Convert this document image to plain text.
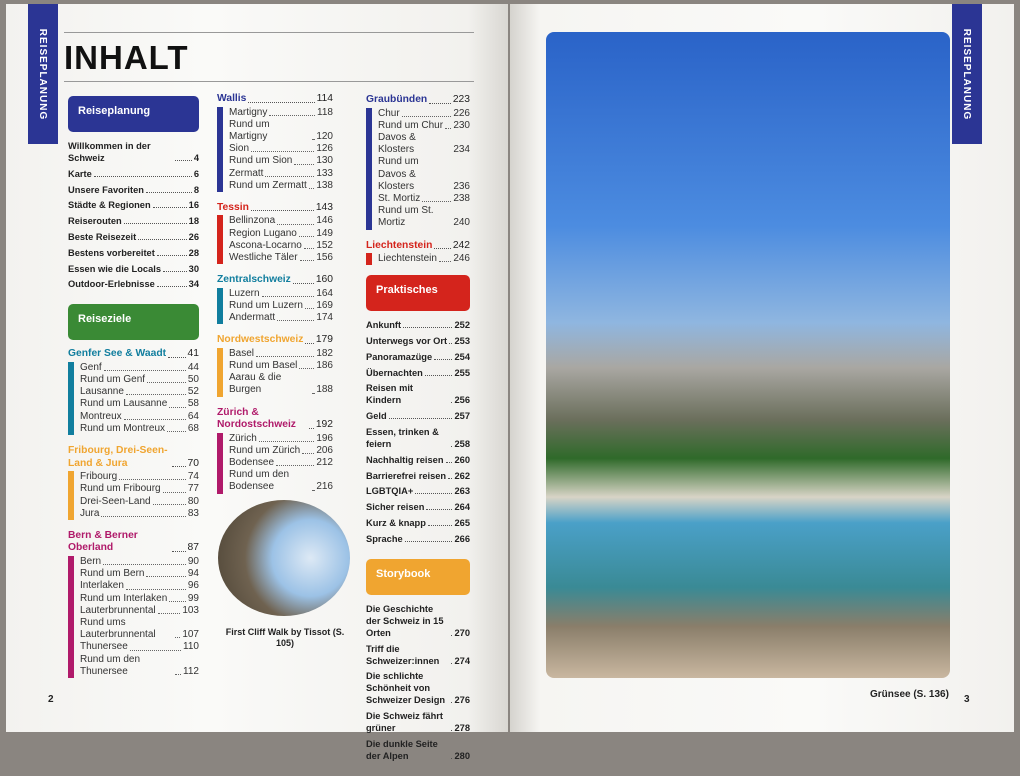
REISEPLANUNG	REISEPLANUNG
INHALT
Reiseplanung
Willkommen in der Schweiz	4
Karte	6
Unsere Favoriten	8
Städte & Regionen	16
Reiserouten	18
Beste Reisezeit	26
Bestens vorbereitet	28
Essen wie die Locals	30
Outdoor-Erlebnisse	34
Reiseziele
Genfer See & Waadt 41
Genf	44
Rund um Genf	50
Lausanne	52
Rund um Lausanne 58
Montreux	64
Rund um Montreux 68
Fribourg, Drei-Seen-Land & Jura	70
Fribourg	74
Rund um Fribourg	77
Drei-Seen-Land	80
Jura	83
Bern & Berner Oberland	87
Bern	90
Rund um Bern	94
Interlaken	96
Rund um Interlaken 99
Lauterbrunnental	103
Rund ums Lauterbrunnental	107
Thunersee	110
Rund um den Thunersee	112
Wallis	114
Martigny	118
Rund um Martigny	120
Sion	126
Rund um Sion 130
Zermatt	133
Rund um Zermatt 138
Tessin	143
Bellinzona	146
Region Lugano 149
Ascona-Locarno 152
Westliche Täler 156
Zentralschweiz 160
Luzern	164
Rund um Luzern 169
Andermatt	174
Nordwestschweiz 179
Basel	182
Rund um Basel 186
Aarau & die Burgen	188
Zürich & Nordostschweiz	192
Zürich	196
Rund um Zürich 206
Bodensee	212
Rund um den Bodensee	216
Graubünden 223
Chur	226
Rund um Chur 230
Davos & Klosters	234
Rund um Davos & Klosters	236
St. Mortiz	238
Rund um St. Mortiz	240
Liechtenstein 242
Liechtenstein 246
Praktisches
Ankunft	252
Unterwegs vor Ort 253
Panoramazüge 254
Übernachten	255
Reisen mit Kindern	256
Geld	257
Essen, trinken & feiern	258
Nachhaltig reisen 260
Barrierefrei reisen 262
LGBTQIA+	263
Sicher reisen	264
Kurz & knapp	265
Sprache	266
Storybook
Die Geschichte der Schweiz in 15 Orten	270
Triff die Schweizer:innen	274
Die schlichte Schönheit von Schweizer Design	276
Die Schweiz fährt grüner	278
Die dunkle Seite der Alpen	280
First Cliff Walk by Tissot (S. 105)
2	3
Grünsee (S. 136)
